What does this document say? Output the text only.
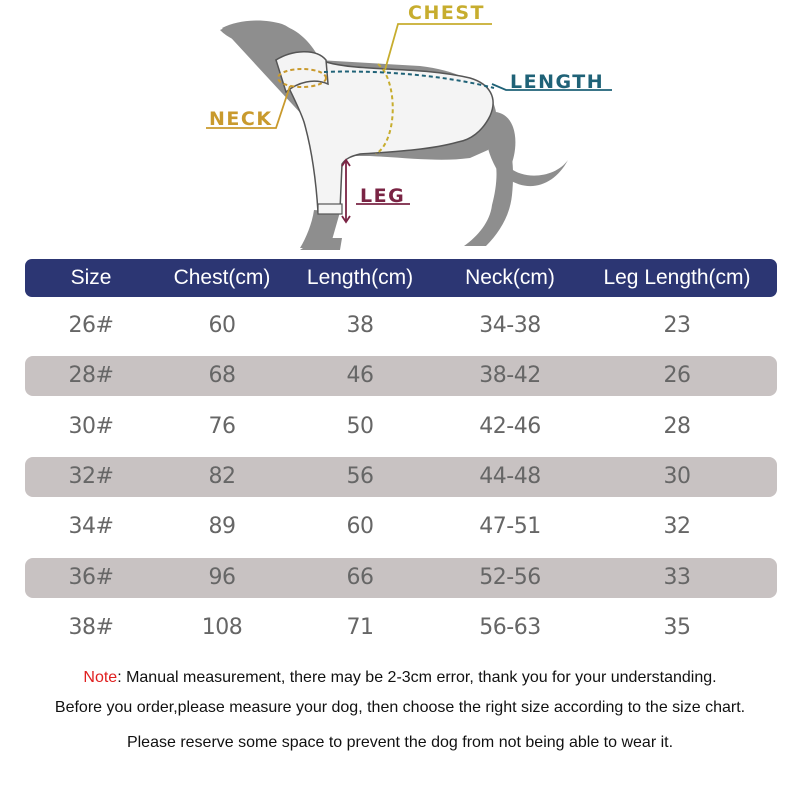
CHEST
LENGTH
NECK
LEG
Size	Chest(cm) Length(cm) Neck(cm) Leg Length(cm)
26#	60	38	34-38	23
28#	68	46	38-42	26
30#	76	50	42-46	28
32#	82	56	44-48	30
34#	89	60	47-51	32
36#	96	66	52-56	33
38#	108	71	56-63	35

Note: Manual measurement, there may be 2-3cm error, thank you for your understanding.

Before you order,please measure your dog, then choose the right size according to the size chart.

Please reserve some space to prevent the dog from not being able to wear it.
